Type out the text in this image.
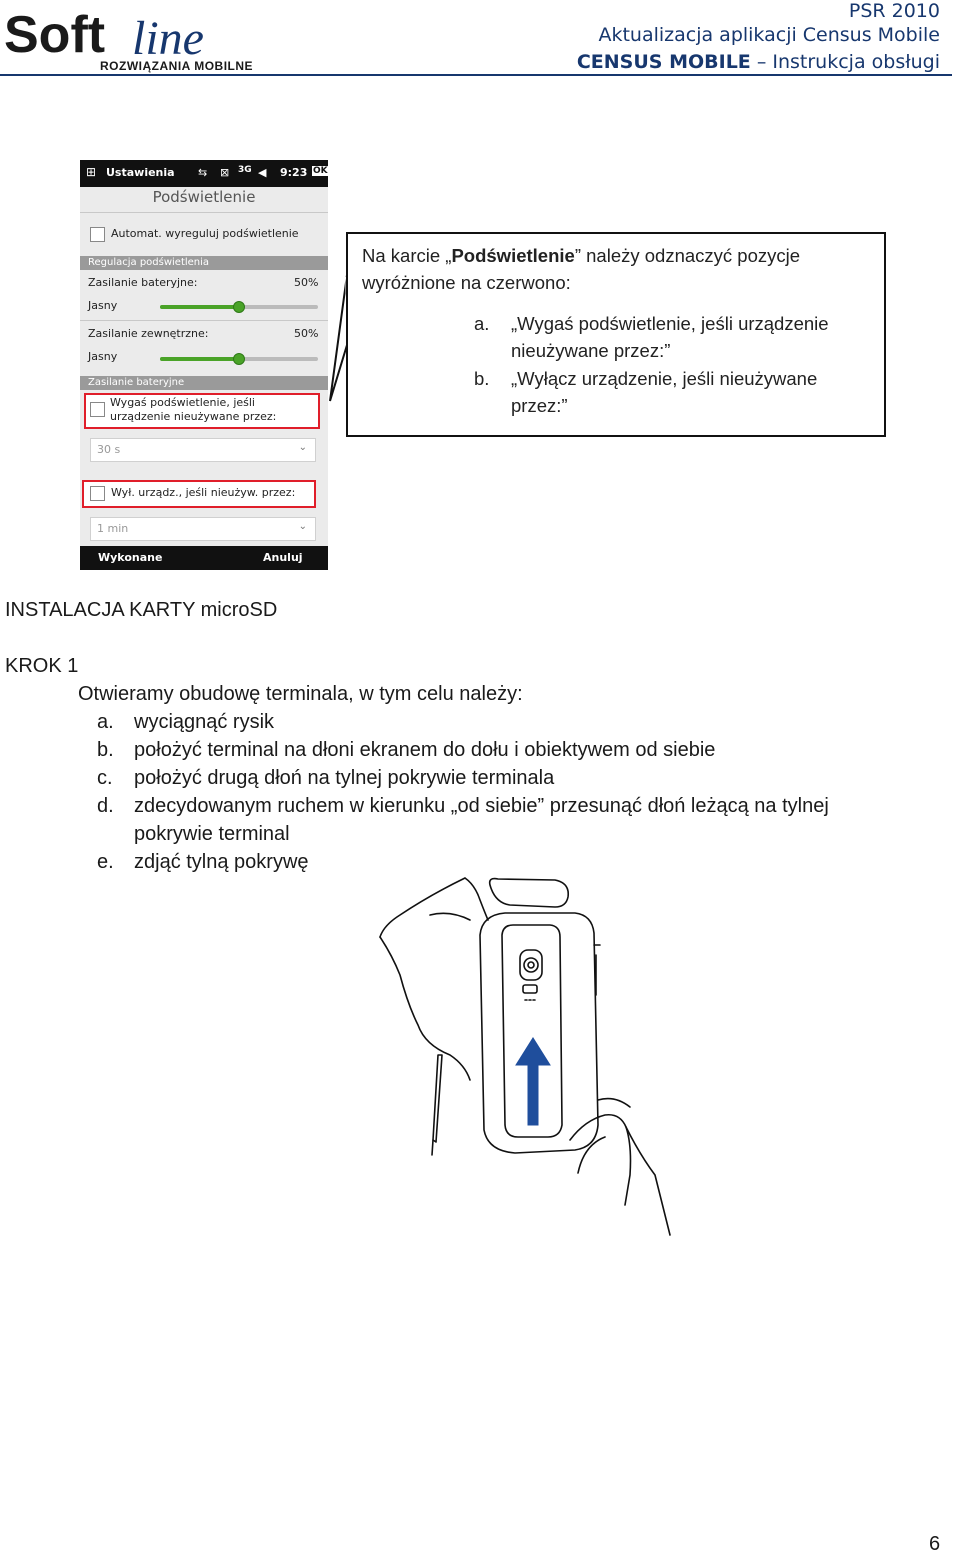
Soft line
ROZWIĄZANIA MOBILNE
PSR 2010
Aktualizacja aplikacji Census Mobile
CENSUS MOBILE – Instrukcja obsługi
⊞ Ustawienia ⇆ ⊠ 3G ◀ 9:23 OK
Podświetlenie
Automat. wyreguluj podświetlenie
Regulacja podświetlenia
Zasilanie bateryjne:	50%
Jasny
Zasilanie zewnętrzne:	50%
Jasny
Zasilanie bateryjne
Wygaś podświetlenie, jeśli
urządzenie nieużywane przez:
30 s	⌄
Wył. urządz., jeśli nieużyw. przez:
1 min	⌄
Wykonane	Anuluj
Na karcie „Podświetlenie” należy odznaczyć pozycje
wyróżnione na czerwono:
a. „Wygaś podświetlenie, jeśli urządzenie
nieużywane przez:”
b. „Wyłącz urządzenie, jeśli nieużywane
przez:”
INSTALACJA KARTY microSD
KROK 1
Otwieramy obudowę terminala, w tym celu należy:
a. wyciągnąć rysik
b. położyć terminal na dłoni ekranem do dołu i obiektywem od siebie
c. położyć drugą dłoń na tylnej pokrywie terminala
d. zdecydowanym ruchem w kierunku „od siebie” przesunąć dłoń leżącą na tylnej
pokrywie terminal
e. zdjąć tylną pokrywę
6
